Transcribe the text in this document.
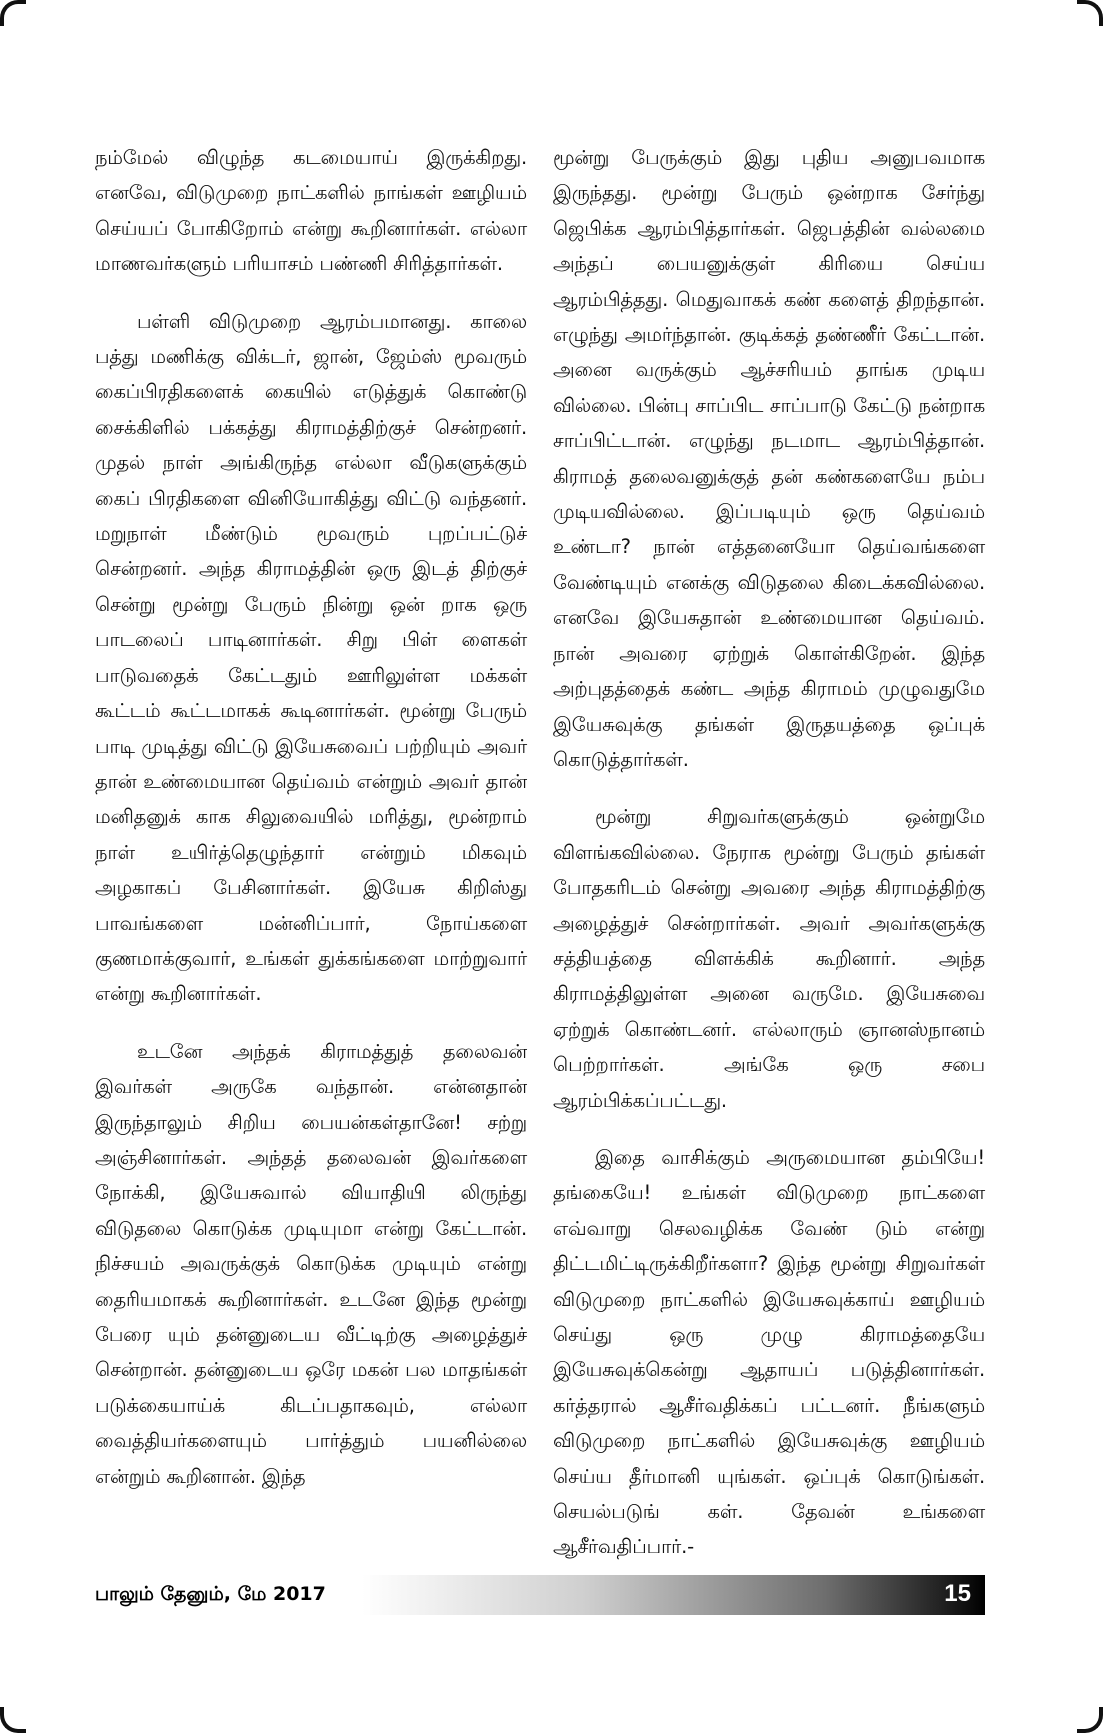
நம்மேல் விழுந்த கடமையாய் இருக்கிறது. எனவே, விடுமுறை நாட்களில் நாங்கள் ஊழியம் செய்யப் போகிறோம் என்று கூறினார்கள். எல்லா மாணவர்களும் பரியாசம் பண்ணி சிரித்தார்கள்.

பள்ளி விடுமுறை ஆரம்பமானது. காலை பத்து மணிக்கு விக்டர், ஜான், ஜேம்ஸ் மூவரும் கைப்பிரதிகளைக் கையில் எடுத்துக் கொண்டு சைக்கிளில் பக்கத்து கிராமத்திற்குச் சென்றனர். முதல் நாள் அங்கிருந்த எல்லா வீடுகளுக்கும் கைப் பிரதிகளை வினியோகித்து விட்டு வந்தனர். மறுநாள் மீண்டும் மூவரும் புறப்பட்டுச் சென்றனர். அந்த கிராமத்தின் ஒரு இடத் திற்குச் சென்று மூன்று பேரும் நின்று ஒன் றாக ஒரு பாடலைப் பாடினார்கள். சிறு பிள் ளைகள் பாடுவதைக் கேட்டதும் ஊரிலுள்ள மக்கள் கூட்டம் கூட்டமாகக் கூடினார்கள். மூன்று பேரும் பாடி முடித்து விட்டு இயேசுவைப் பற்றியும் அவர் தான் உண்மையான தெய்வம் என்றும் அவர் தான் மனிதனுக் காக சிலுவையில் மரித்து, மூன்றாம் நாள் உயிர்த்தெழுந்தார் என்றும் மிகவும் அழகாகப் பேசினார்கள். இயேசு கிறிஸ்து பாவங்களை மன்னிப்பார், நோய்களை குணமாக்குவார், உங்கள் துக்கங்களை மாற்றுவார் என்று கூறினார்கள்.

உடனே அந்தக் கிராமத்துத் தலைவன் இவர்கள் அருகே வந்தான். என்னதான் இருந்தாலும் சிறிய பையன்கள்தானே! சற்று அஞ்சினார்கள். அந்தத் தலைவன் இவர்களை நோக்கி, இயேசுவால் வியாதியி லிருந்து விடுதலை கொடுக்க முடியுமா என்று கேட்டான். நிச்சயம் அவருக்குக் கொடுக்க முடியும் என்று தைரியமாகக் கூறினார்கள். உடனே இந்த மூன்று பேரை யும் தன்னுடைய வீட்டிற்கு அழைத்துச் சென்றான். தன்னுடைய ஒரே மகன் பல மாதங்கள் படுக்கையாய்க் கிடப்பதாகவும், எல்லா வைத்தியர்களையும் பார்த்தும் பயனில்லை என்றும் கூறினான். இந்த

மூன்று பேருக்கும் இது புதிய அனுபவமாக இருந்தது. மூன்று பேரும் ஒன்றாக சேர்ந்து ஜெபிக்க ஆரம்பித்தார்கள். ஜெபத்தின் வல்லமை அந்தப் பையனுக்குள் கிரியை செய்ய ஆரம்பித்தது. மெதுவாகக் கண் களைத் திறந்தான். எழுந்து அமர்ந்தான். குடிக்கத் தண்ணீர் கேட்டான். அனை வருக்கும் ஆச்சரியம் தாங்க முடிய வில்லை. பின்பு சாப்பிட சாப்பாடு கேட்டு நன்றாக சாப்பிட்டான். எழுந்து நடமாட ஆரம்பித்தான். கிராமத் தலைவனுக்குத் தன் கண்களையே நம்ப முடியவில்லை. இப்படியும் ஒரு தெய்வம் உண்டா? நான் எத்தனையோ தெய்வங்களை வேண்டியும் எனக்கு விடுதலை கிடைக்கவில்லை. எனவே இயேசுதான் உண்மையான தெய்வம். நான் அவரை ஏற்றுக் கொள்கிறேன். இந்த அற்புதத்தைக் கண்ட அந்த கிராமம் முழுவதுமே இயேசுவுக்கு தங்கள் இருதயத்தை ஒப்புக் கொடுத்தார்கள்.

மூன்று சிறுவர்களுக்கும் ஒன்றுமே விளங்கவில்லை. நேராக மூன்று பேரும் தங்கள் போதகரிடம் சென்று அவரை அந்த கிராமத்திற்கு அழைத்துச் சென்றார்கள். அவர் அவர்களுக்கு சத்தியத்தை விளக்கிக் கூறினார். அந்த கிராமத்திலுள்ள அனை வருமே. இயேசுவை ஏற்றுக் கொண்டனர். எல்லாரும் ஞானஸ்நானம் பெற்றார்கள். அங்கே ஒரு சபை ஆரம்பிக்கப்பட்டது.

இதை வாசிக்கும் அருமையான தம்பியே! தங்கையே! உங்கள் விடுமுறை நாட்களை எவ்வாறு செலவழிக்க வேண் டும் என்று திட்டமிட்டிருக்கிறீர்களா? இந்த மூன்று சிறுவர்கள் விடுமுறை நாட்களில் இயேசுவுக்காய் ஊழியம் செய்து ஒரு முழு கிராமத்தையே இயேசுவுக்கென்று ஆதாயப் படுத்தினார்கள். கர்த்தரால் ஆசீர்வதிக்கப் பட்டனர். நீங்களும் விடுமுறை நாட்களில் இயேசுவுக்கு ஊழியம் செய்ய தீர்மானி யுங்கள். ஒப்புக் கொடுங்கள். செயல்படுங் கள். தேவன் உங்களை ஆசீர்வதிப்பார்.-

பாலும் தேனும், மே 2017	15
